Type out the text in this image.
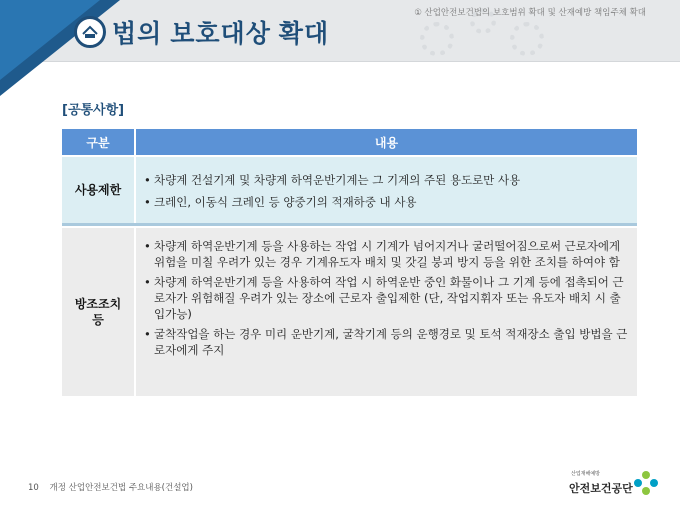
법의 보호대상 확대
① 산업안전보건법의 보호범위 확대 및 산재예방 책임주체 확대
[공통사항]
구분	내용
사용제한
• 차량계 건설기계 및 차량계 하역운반기계는 그 기계의 주된 용도로만 사용
• 크레인, 이동식 크레인 등 양중기의 적재하중 내 사용
방조조치 등
• 차량계 하역운반기계 등을 사용하는 작업 시 기계가 넘어지거나 굴러떨어짐으로써 근로자에게 위험을 미칠 우려가 있는 경우 기계유도자 배치 및 갓길 붕괴 방지 등을 위한 조치를 하여야 함
• 차량계 하역운반기계 등을 사용하여 작업 시 하역운반 중인 화물이나 그 기계 등에 접촉되어 근로자가 위험해질 우려가 있는 장소에 근로자 출입제한 (단, 작업지휘자 또는 유도자 배치 시 출입가능)
• 굴착작업을 하는 경우 미리 운반기계, 굴착기계 등의 운행경로 및 토석 적재장소 출입 방법을 근로자에게 주지
10 개정 산업안전보건법 주요내용(건설업)
산업재해예방
안전보건공단
